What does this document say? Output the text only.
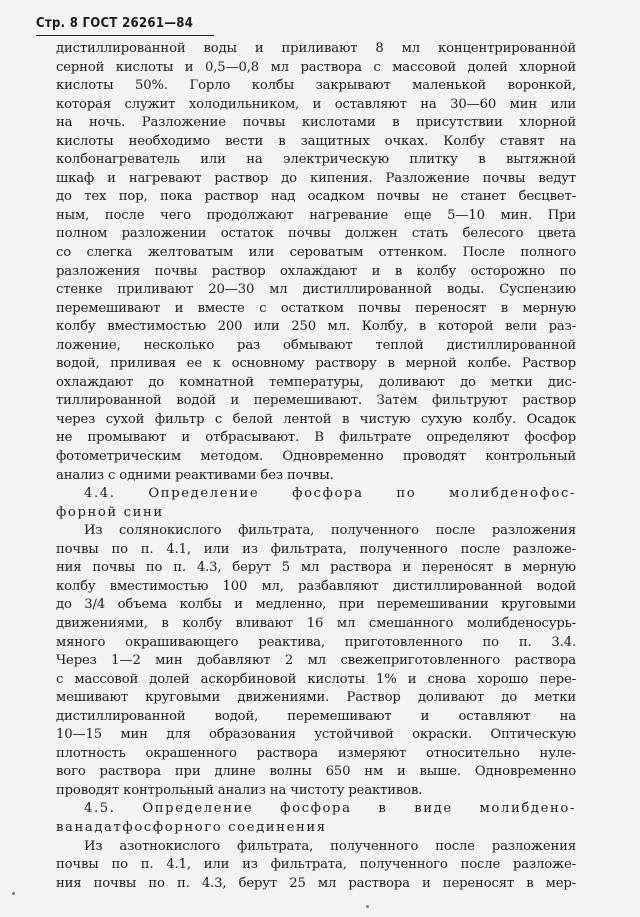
Стр. 8 ГОСТ 26261—84
дистиллированной воды и приливают 8 мл концентрированной
серной кислоты и 0,5—0,8 мл раствора с массовой долей хлорной
кислоты 50%. Горло колбы закрывают маленькой воронкой,
которая служит холодильником, и оставляют на 30—60 мин или
на ночь. Разложение почвы кислотами в присутствии хлорной
кислоты необходимо вести в защитных очках. Колбу ставят на
колбонагреватель или на электрическую плитку в вытяжной
шкаф и нагревают раствор до кипения. Разложение почвы ведут
до тех пор, пока раствор над осадком почвы не станет бесцвет-
ным, после чего продолжают нагревание еще 5—10 мин. При
полном разложении остаток почвы должен стать белесого цвета
со слегка желтоватым или сероватым оттенком. После полного
разложения почвы раствор охлаждают и в колбу осторожно по
стенке приливают 20—30 мл дистиллированной воды. Суспензию
перемешивают и вместе с остатком почвы переносят в мерную
колбу вместимостью 200 или 250 мл. Колбу, в которой вели раз-
ложение, несколько раз обмывают теплой дистиллированной
водой, приливая ее к основному раствору в мерной колбе. Раствор
охлаждают до комнатной температуры, доливают до метки дис-
тиллированной водой и перемешивают. Затем фильтруют раствор
через сухой фильтр с белой лентой в чистую сухую колбу. Осадок
не промывают и отбрасывают. В фильтрате определяют фосфор
фотометрическим методом. Одновременно проводят контрольный
анализ с одними реактивами без почвы.
4.4. Определение фосфора по молибденофос-
форной сини
Из солянокислого фильтрата, полученного после разложения
почвы по п. 4.1, или из фильтрата, полученного после разложе-
ния почвы по п. 4.3, берут 5 мл раствора и переносят в мерную
колбу вместимостью 100 мл, разбавляют дистиллированной водой
до 3/4 объема колбы и медленно, при перемешивании круговыми
движениями, в колбу вливают 16 мл смешанного молибденосурь-
мяного окрашивающего реактива, приготовленного по п. 3.4.
Через 1—2 мин добавляют 2 мл свежеприготовленного раствора
с массовой долей аскорбиновой кислоты 1% и снова хорошо пере-
мешивают круговыми движениями. Раствор доливают до метки
дистиллированной водой, перемешивают и оставляют на
10—15 мин для образования устойчивой окраски. Оптическую
плотность окрашенного раствора измеряют относительно нуле-
вого раствора при длине волны 650 нм и выше. Одновременно
проводят контрольный анализ на чистоту реактивов.
4.5. Определение фосфора в виде молибдено-
ванадатфосфорного соединения
Из азотнокислого фильтрата, полученного после разложения
почвы по п. 4.1, или из фильтрата, полученного после разложе-
ния почвы по п. 4.3, берут 25 мл раствора и переносят в мер-
